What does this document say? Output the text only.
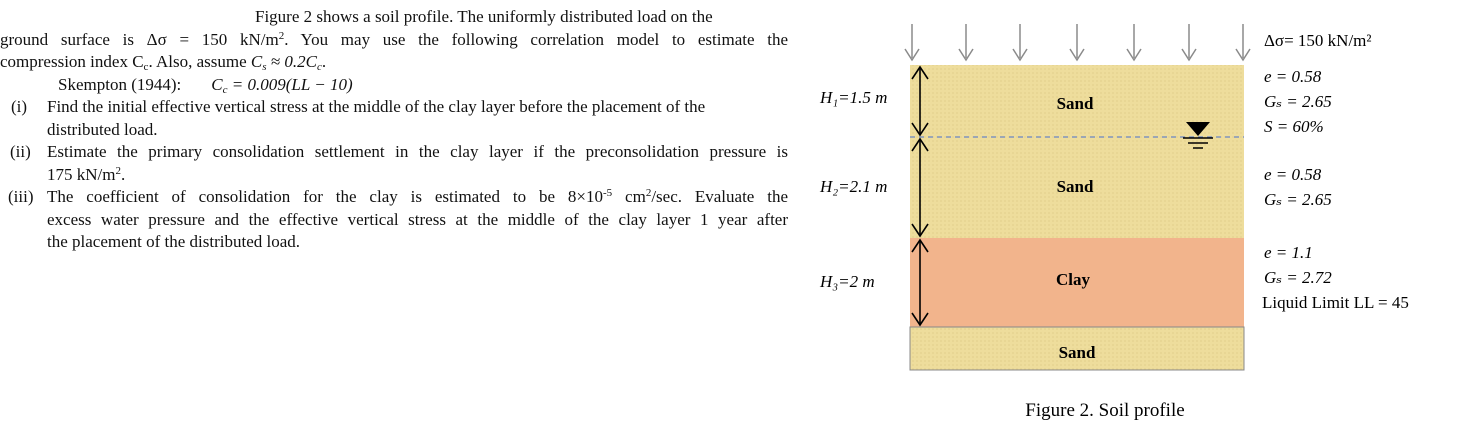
Figure 2 shows a soil profile. The uniformly distributed load on the
ground surface is Δσ = 150 $kN/m^2$. You may use the following correlation model to estimate the
compression index $C_c$. Also, assume $C_s \approx 0.2C_c$.
Skempton (1944): $C_c = 0.009(LL - 10)$
(i)	Find the initial effective vertical stress at the middle of the clay layer before the placement of the
distributed load.
(ii) Estimate the primary consolidation settlement in the clay layer if the preconsolidation pressure is
175 $kN/m^2$.
(iii) The coefficient of consolidation for the clay is estimated to be $8\times 10^{-5}$ $cm^2/\sec$. Evaluate the
excess water pressure and the effective vertical stress at the middle of the clay layer 1 year after
the placement of the distributed load.
H₁=1.5 m
H₂=2.1 m
H₃=2 m
Sand
Sand
Clay
Sand
Δσ= 150 kN/m²
e = 0.58
Gₛ = 2.65
S = 60%
e = 0.58
Gₛ = 2.65
e = 1.1
Gₛ = 2.72
Liquid Limit LL = 45
Figure 2. Soil profile
